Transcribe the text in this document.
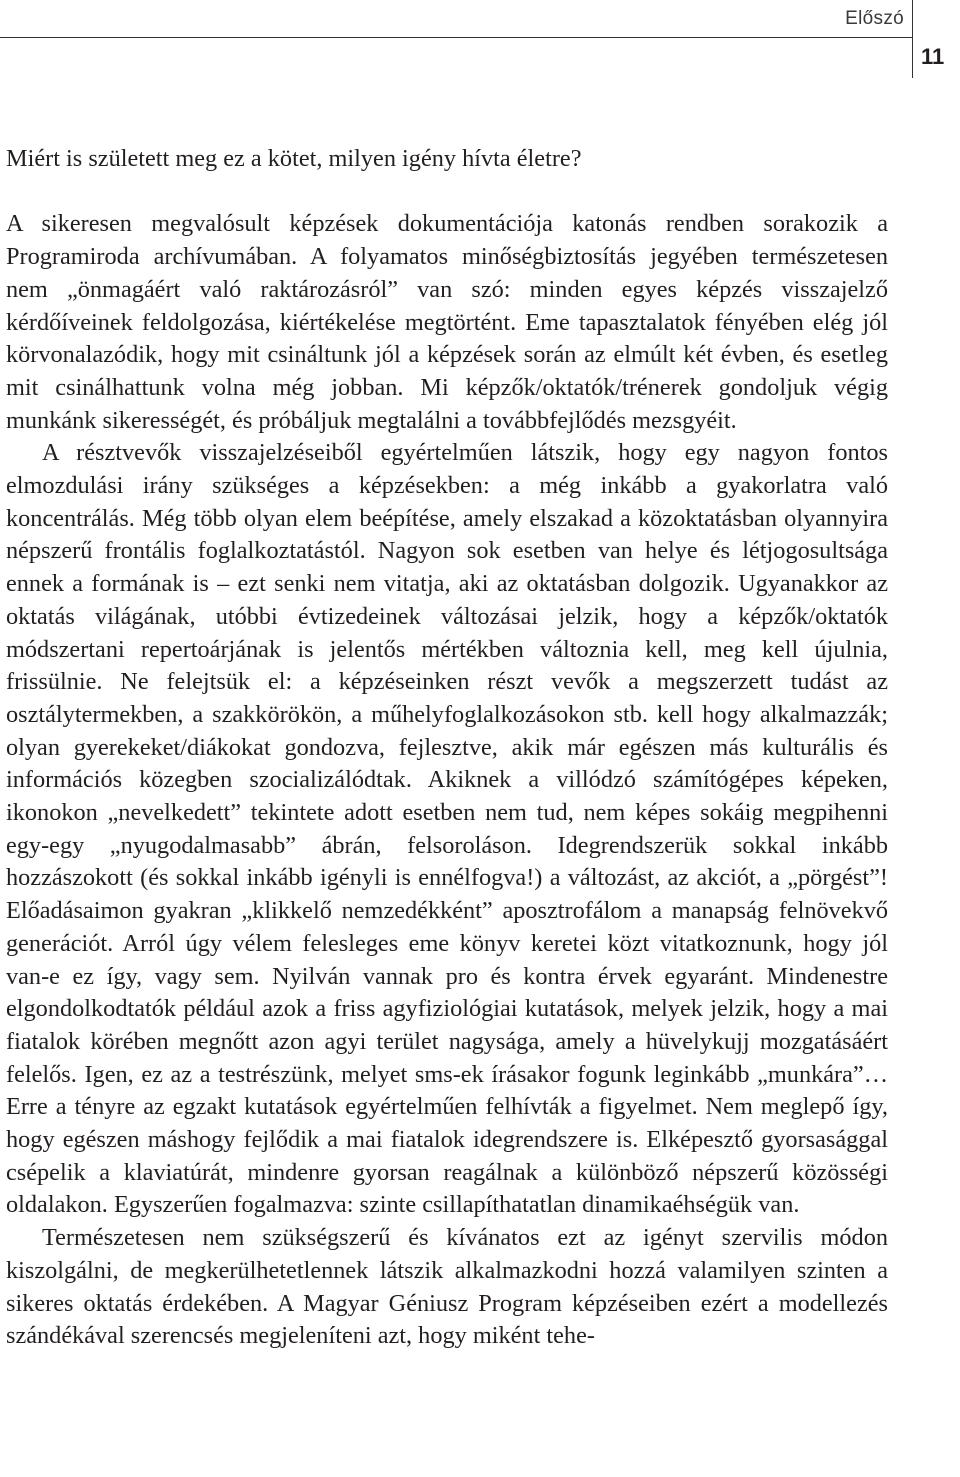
Előszó
11

Miért is született meg ez a kötet, milyen igény hívta életre?

A sikeresen megvalósult képzések dokumentációja katonás rendben sorakozik a Programiroda archívumában. A folyamatos minőségbiztosítás jegyében természetesen nem „önmagáért való raktározásról” van szó: minden egyes képzés visszajelző kérdőíveinek feldolgozása, kiértékelése megtörtént. Eme tapasztalatok fényében elég jól körvonalazódik, hogy mit csináltunk jól a képzések során az elmúlt két évben, és esetleg mit csinálhattunk volna még jobban. Mi képzők/oktatók/trénerek gondoljuk végig munkánk sikerességét, és próbáljuk megtalálni a továbbfejlődés mezsgyéit.

A résztvevők visszajelzéseiből egyértelműen látszik, hogy egy nagyon fontos elmozdulási irány szükséges a képzésekben: a még inkább a gyakorlatra való koncentrálás. Még több olyan elem beépítése, amely elszakad a közoktatásban olyannyira népszerű frontális foglalkoztatástól. Nagyon sok esetben van helye és létjogosultsága ennek a formának is – ezt senki nem vitatja, aki az oktatásban dolgozik. Ugyanakkor az oktatás világának, utóbbi évtizedeinek változásai jelzik, hogy a képzők/oktatók módszertani repertoárjának is jelentős mértékben változnia kell, meg kell újulnia, frissülnie. Ne felejtsük el: a képzéseinken részt vevők a megszerzett tudást az osztálytermekben, a szakkörökön, a műhelyfoglalkozásokon stb. kell hogy alkalmazzák; olyan gyerekeket/diákokat gondozva, fejlesztve, akik már egészen más kulturális és információs közegben szocializálódtak. Akiknek a villódzó számítógépes képeken, ikonokon „nevelkedett” tekintete adott esetben nem tud, nem képes sokáig megpihenni egy-egy „nyugodalmasabb” ábrán, felsoroláson. Idegrendszerük sokkal inkább hozzászokott (és sokkal inkább igényli is ennélfogva!) a változást, az akciót, a „pörgést”! Előadásaimon gyakran „klikkelő nemzedékként” aposztrofálom a manapság felnövekvő generációt. Arról úgy vélem felesleges eme könyv keretei közt vitatkoznunk, hogy jól van-e ez így, vagy sem. Nyilván vannak pro és kontra érvek egyaránt. Mindenestre elgondolkodtatók például azok a friss agyfiziológiai kutatások, melyek jelzik, hogy a mai fiatalok körében megnőtt azon agyi terület nagysága, amely a hüvelykujj mozgatásáért felelős. Igen, ez az a testrészünk, melyet sms-ek írásakor fogunk leginkább „munkára”… Erre a tényre az egzakt kutatások egyértelműen felhívták a figyelmet. Nem meglepő így, hogy egészen máshogy fejlődik a mai fiatalok idegrendszere is. Elképesztő gyorsasággal csépelik a klaviatúrát, mindenre gyorsan reagálnak a különböző népszerű közösségi oldalakon. Egyszerűen fogalmazva: szinte csillapíthatatlan dinamikaéhségük van.

Természetesen nem szükségszerű és kívánatos ezt az igényt szervilis módon kiszolgálni, de megkerülhetetlennek látszik alkalmazkodni hozzá valamilyen szinten a sikeres oktatás érdekében. A Magyar Géniusz Program képzéseiben ezért a modellezés szándékával szerencsés megjeleníteni azt, hogy miként tehe-
